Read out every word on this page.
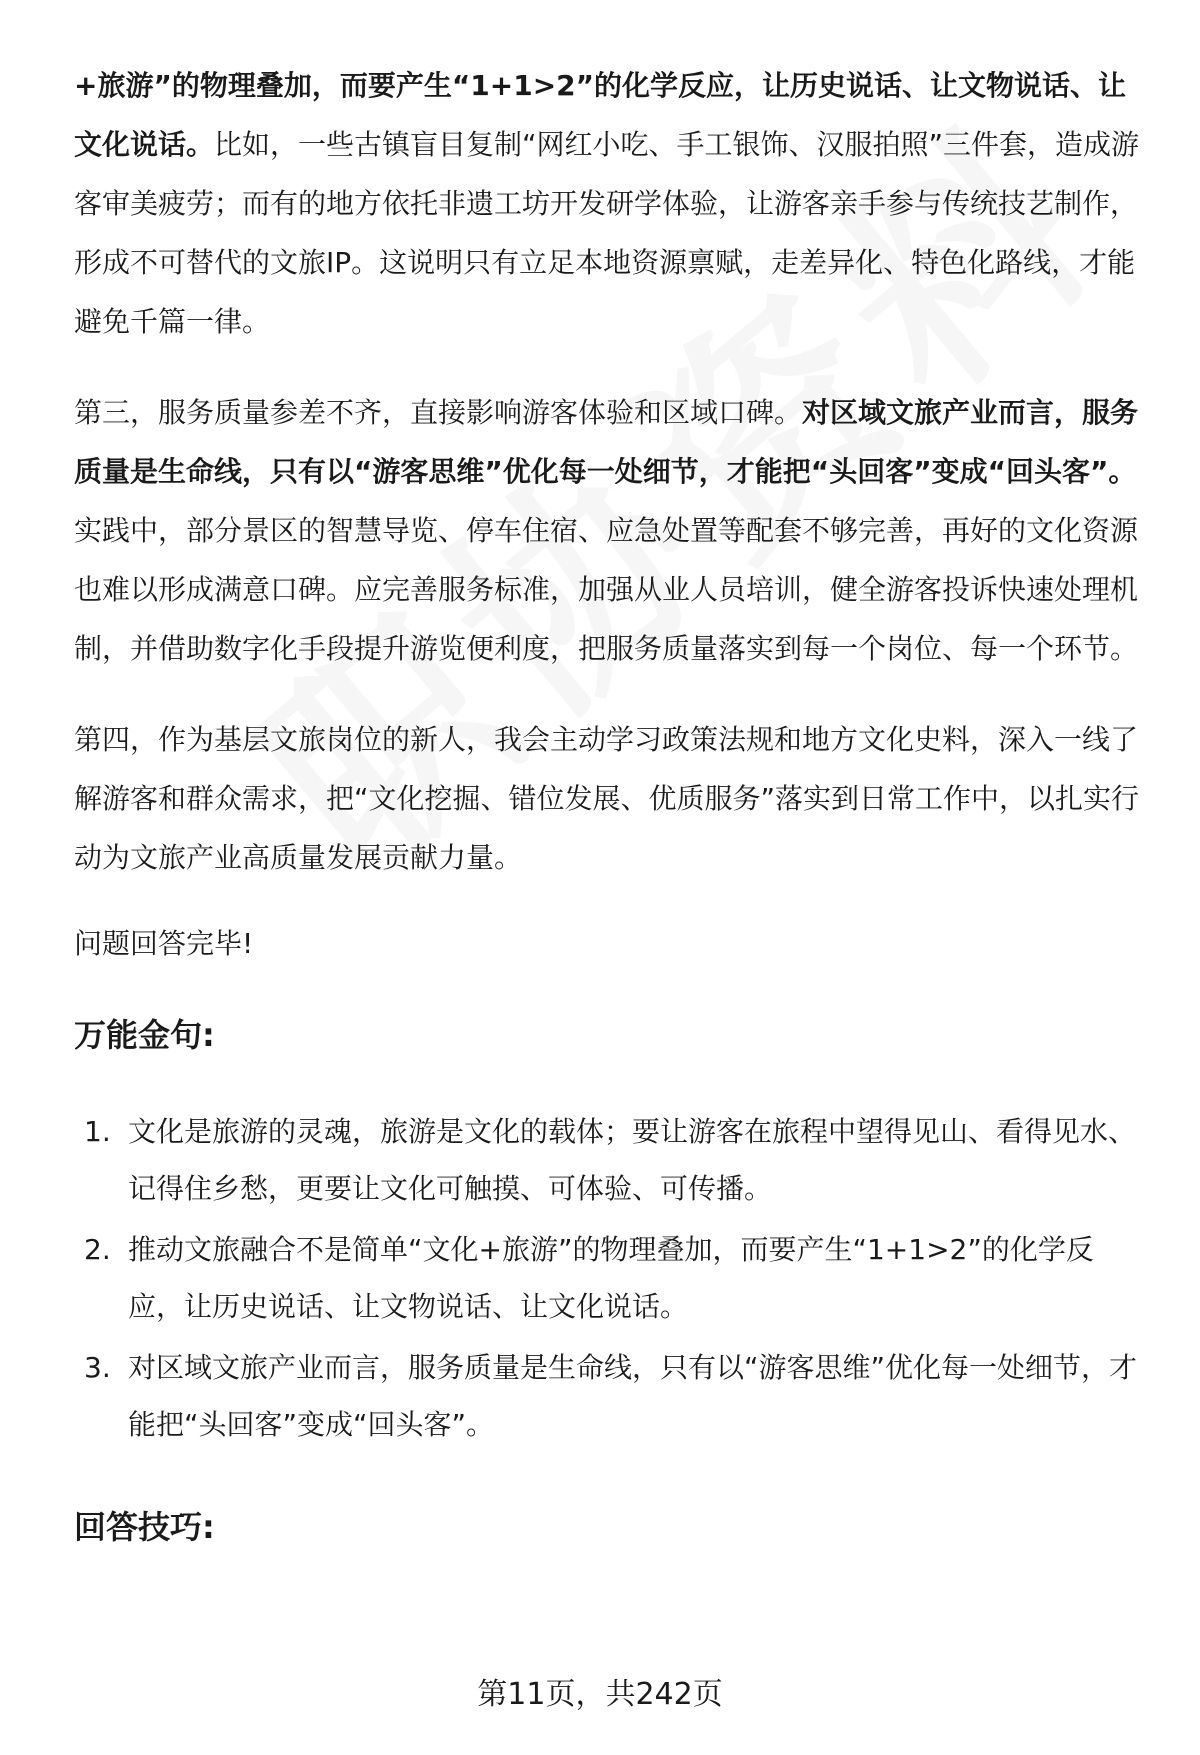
+旅游”的物理叠加，而要产生“1+1>2”的化学反应，让历史说话、让文物说话、让文化说话。比如，一些古镇盲目复制“网红小吃、手工银饰、汉服拍照”三件套，造成游客审美疲劳；而有的地方依托非遗工坊开发研学体验，让游客亲手参与传统技艺制作，形成不可替代的文旅IP。这说明只有立足本地资源禀赋，走差异化、特色化路线，才能避免千篇一律。

第三，服务质量参差不齐，直接影响游客体验和区域口碑。对区域文旅产业而言，服务质量是生命线，只有以“游客思维”优化每一处细节，才能把“头回客”变成“回头客”。实践中，部分景区的智慧导览、停车住宿、应急处置等配套不够完善，再好的文化资源也难以形成满意口碑。应完善服务标准，加强从业人员培训，健全游客投诉快速处理机制，并借助数字化手段提升游览便利度，把服务质量落实到每一个岗位、每一个环节。

第四，作为基层文旅岗位的新人，我会主动学习政策法规和地方文化史料，深入一线了解游客和群众需求，把“文化挖掘、错位发展、优质服务”落实到日常工作中，以扎实行动为文旅产业高质量发展贡献力量。

问题回答完毕!

万能金句:
1. 文化是旅游的灵魂，旅游是文化的载体；要让游客在旅程中望得见山、看得见水、记得住乡愁，更要让文化可触摸、可体验、可传播。
2. 推动文旅融合不是简单“文化+旅游”的物理叠加，而要产生“1+1>2”的化学反应，让历史说话、让文物说话、让文化说话。
3. 对区域文旅产业而言，服务质量是生命线，只有以“游客思维”优化每一处细节，才能把“头回客”变成“回头客”。
回答技巧:
第11页，共242页
